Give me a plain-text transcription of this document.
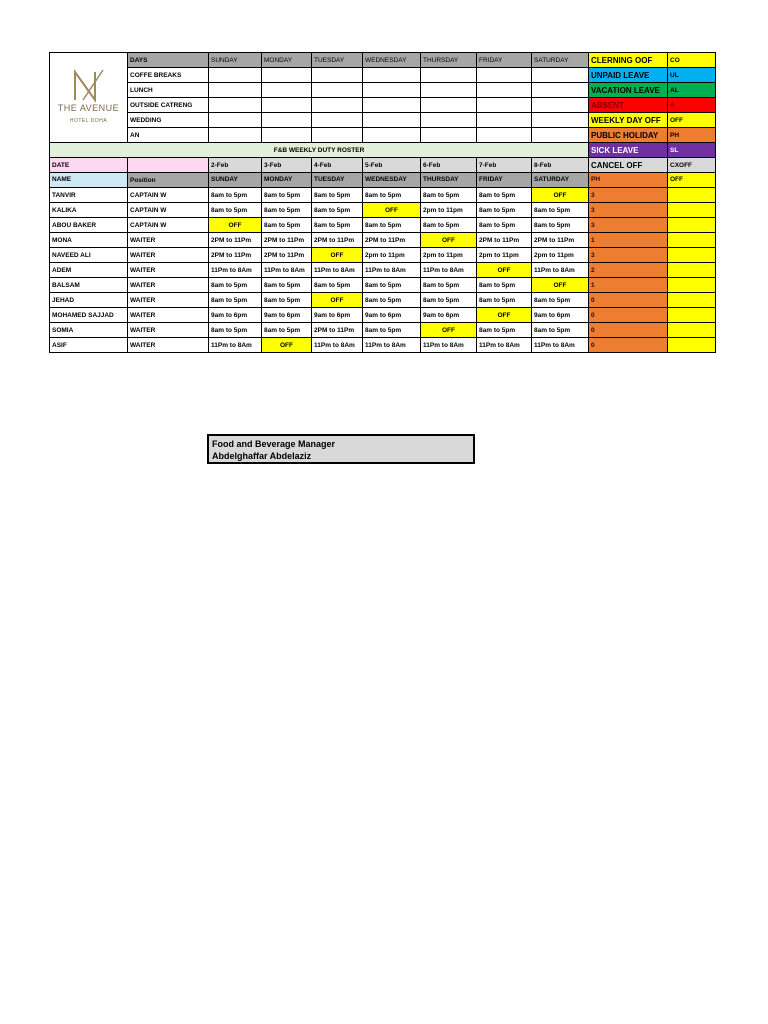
THE AVENUE
HOTEL DOHA	DAYS	SUNDAY	MONDAY	TUESDAY	WEDNESDAY	THURSDAY	FRIDAY	SATURDAY	CLERNING OOF	CO
	COFFE BREAKS								UNPAID LEAVE	UL
	LUNCH								VACATION LEAVE	AL
	OUTSIDE CATRENG								ABSENT	A
	WEDDING								WEEKLY DAY OFF	OFF
	AN								PUBLIC HOLIDAY	PH
F&B WEEKLY DUTY ROSTER									SICK LEAVE	SL
DATE		2-Feb	3-Feb	4-Feb	5-Feb	6-Feb	7-Feb	8-Feb	CANCEL OFF	CXOFF
NAME	Position	SUNDAY	MONDAY	TUESDAY	WEDNESDAY	THURSDAY	FRIDAY	SATURDAY	PH	OFF
TANVIR	CAPTAIN W	8am to 5pm	8am to 5pm	8am to 5pm	8am to 5pm	8am to 5pm	8am to 5pm	OFF	3	
KALIKA	CAPTAIN W	8am to 5pm	8am to 5pm	8am to 5pm	OFF	2pm to 11pm	8am to 5pm	8am to 5pm	3	
ABOU BAKER	CAPTAIN W	OFF	8am to 5pm	8am to 5pm	8am to 5pm	8am to 5pm	8am to 5pm	8am to 5pm	3	
MONA	WAITER	2PM to 11Pm	2PM to 11Pm	2PM to 11Pm	2PM to 11Pm	OFF	2PM to 11Pm	2PM to 11Pm	1	
NAVEED ALI	WAITER	2PM to 11Pm	2PM to 11Pm	OFF	2pm to 11pm	2pm to 11pm	2pm to 11pm	2pm to 11pm	3	
ADEM	WAITER	11Pm to 8Am	11Pm to 8Am	11Pm to 8Am	11Pm to 8Am	11Pm to 8Am	OFF	11Pm to 8Am	2	
BALSAM	WAITER	8am to 5pm	8am to 5pm	8am to 5pm	8am to 5pm	8am to 5pm	8am to 5pm	OFF	1	
JEHAD	WAITER	8am to 5pm	8am to 5pm	OFF	8am to 5pm	8am to 5pm	8am to 5pm	8am to 5pm	0	
MOHAMED SAJJAD	WAITER	9am to 6pm	9am to 6pm	9am to 6pm	9am to 6pm	9am to 6pm	OFF	9am to 6pm	0	
SOMIA	WAITER	8am to 5pm	8am to 5pm	2PM to 11Pm	8am to 5pm	OFF	8am to 5pm	8am to 5pm	0	
ASIF	WAITER	11Pm to 8Am	OFF	11Pm to 8Am	11Pm to 8Am	11Pm to 8Am	11Pm to 8Am	11Pm to 8Am	0	
Food and Beverage Manager
Abdelghaffar Abdelaziz
